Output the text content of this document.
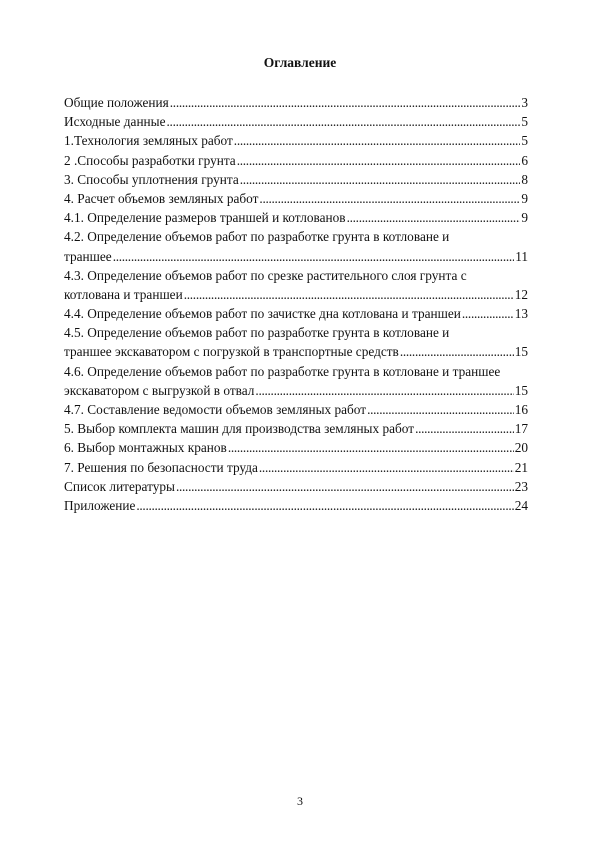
Оглавление
Общие положения .....	3
Исходные данные .....	5
1.Технология земляных работ .....	5
2 .Способы разработки грунта .....	6
3. Способы уплотнения грунта .....	8
4. Расчет объемов земляных работ .....	9
4.1. Определение размеров траншей и котлованов .....	9
4.2. Определение объемов работ по разработке грунта в котловане и
траншее .....	11
4.3. Определение объемов работ по срезке растительного слоя грунта с
котлована и траншеи .....	12
4.4. Определение объемов работ по зачистке дна котлована и траншеи .....	13
4.5. Определение объемов работ по разработке грунта в котловане и
траншее экскаватором с погрузкой в транспортные средств .....	15
4.6. Определение объемов работ по разработке грунта в котловане и траншее
экскаватором с выгрузкой в отвал .....	15
4.7. Составление ведомости объемов земляных работ .....	16
5. Выбор комплекта машин для производства земляных работ .....	17
6. Выбор монтажных кранов .....	20
7. Решения по безопасности труда .....	21
Список литературы .....	23
Приложение .....	24
3
